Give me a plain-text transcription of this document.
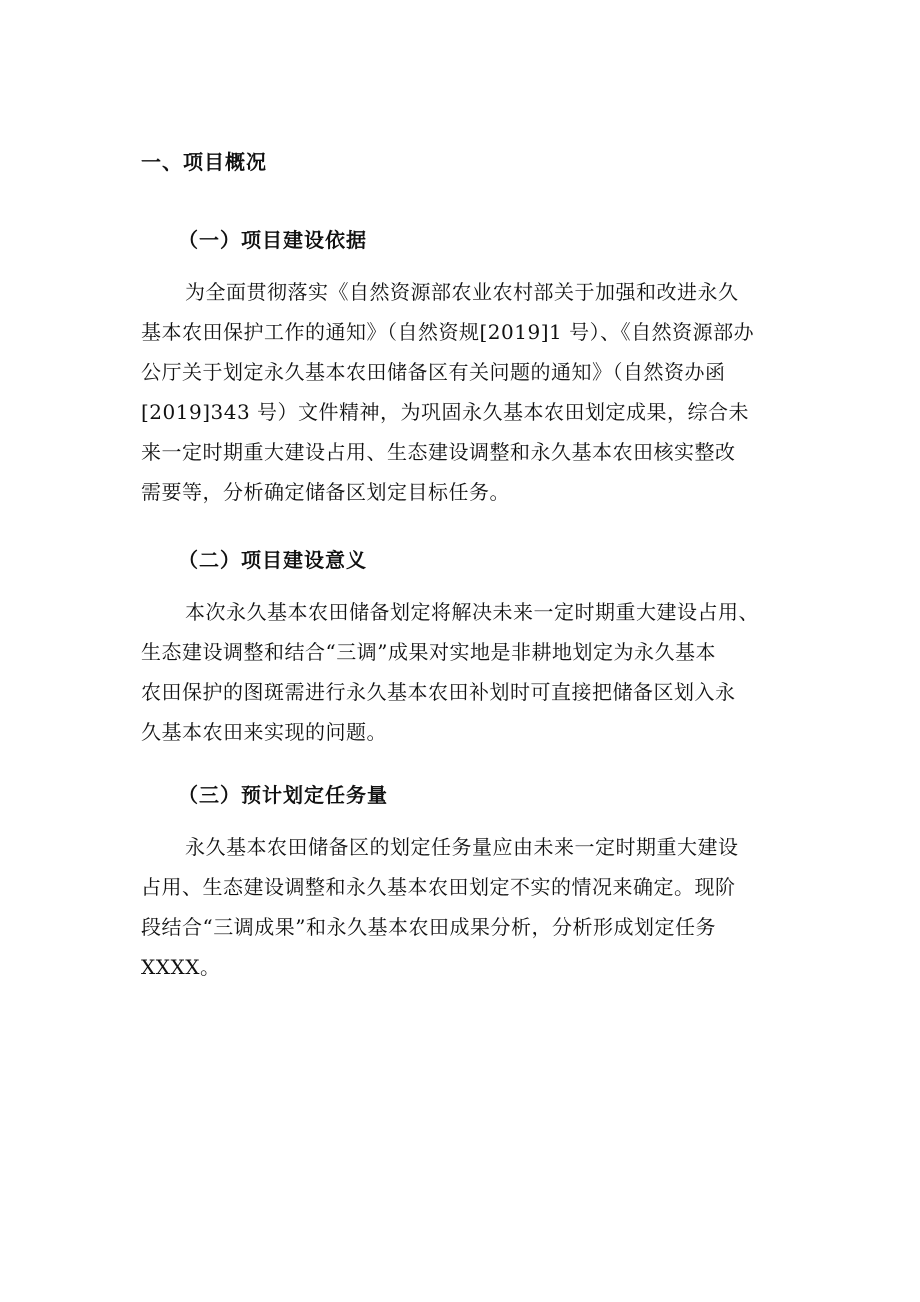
一、项目概况
（一）项目建设依据
为全面贯彻落实《自然资源部农业农村部关于加强和改进永久
基本农田保护工作的通知》（自然资规[2019]1 号）、《自然资源部办
公厅关于划定永久基本农田储备区有关问题的通知》（自然资办函
[2019]343 号）文件精神，为巩固永久基本农田划定成果，综合未
来一定时期重大建设占用、生态建设调整和永久基本农田核实整改
需要等，分析确定储备区划定目标任务。
（二）项目建设意义
本次永久基本农田储备划定将解决未来一定时期重大建设占用、
生态建设调整和结合“三调”成果对实地是非耕地划定为永久基本
农田保护的图斑需进行永久基本农田补划时可直接把储备区划入永
久基本农田来实现的问题。
（三）预计划定任务量
永久基本农田储备区的划定任务量应由未来一定时期重大建设
占用、生态建设调整和永久基本农田划定不实的情况来确定。现阶
段结合“三调成果”和永久基本农田成果分析，分析形成划定任务
XXXX。
